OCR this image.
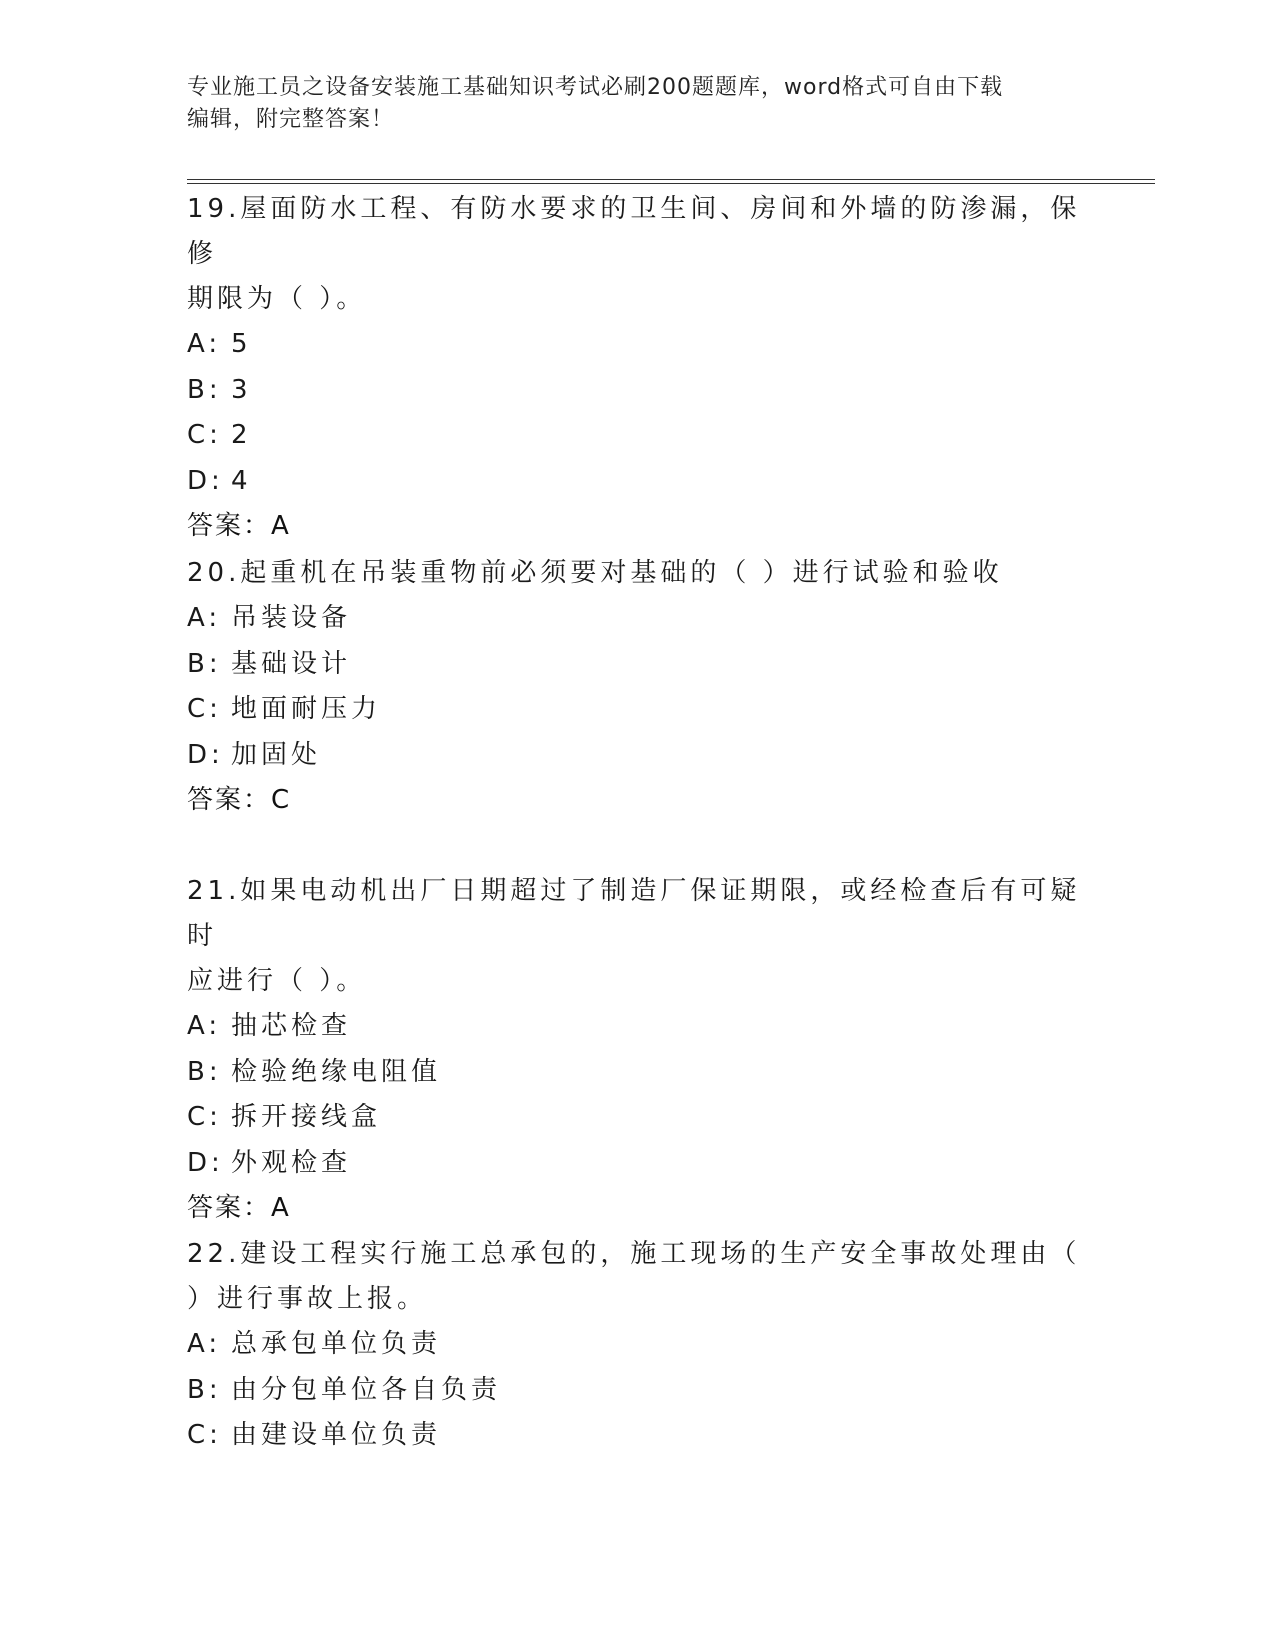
专业施工员之设备安装施工基础知识考试必刷200题题库，word格式可自由下载
编辑，附完整答案！
19.屋面防水工程、有防水要求的卫生间、房间和外墙的防渗漏，保修
期限为（ ）。
A: 5
B: 3
C: 2
D: 4
答案：A
20.起重机在吊装重物前必须要对基础的（ ）进行试验和验收
A: 吊装设备
B: 基础设计
C: 地面耐压力
D: 加固处
答案：C
21.如果电动机出厂日期超过了制造厂保证期限，或经检查后有可疑时
应进行（ ）。
A: 抽芯检查
B: 检验绝缘电阻值
C: 拆开接线盒
D: 外观检查
答案：A
22.建设工程实行施工总承包的，施工现场的生产安全事故处理由（
）进行事故上报。
A: 总承包单位负责
B: 由分包单位各自负责
C: 由建设单位负责
